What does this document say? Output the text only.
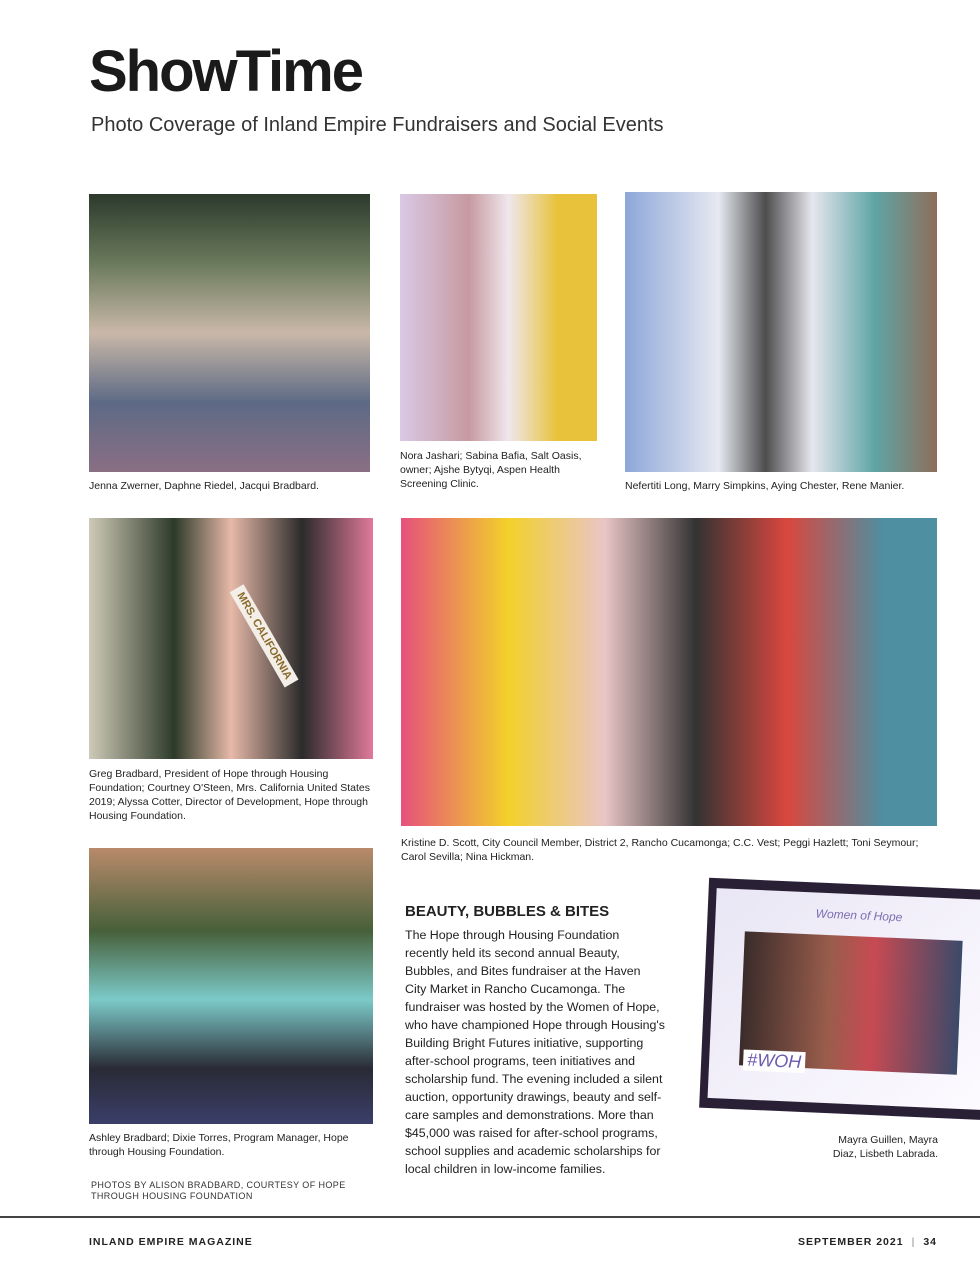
ShowTime
Photo Coverage of Inland Empire Fundraisers and Social Events
Jenna Zwerner, Daphne Riedel, Jacqui Bradbard.
Nora Jashari; Sabina Bafia, Salt Oasis, owner; Ajshe Bytyqi, Aspen Health Screening Clinic.	Nefertiti Long, Marry Simpkins, Aying Chester, Rene Manier.
MRS. CALIFORNIA
Greg Bradbard, President of Hope through Housing Foundation; Courtney O'Steen, Mrs. California United States 2019; Alyssa Cotter, Director of Development, Hope through Housing Foundation.
Kristine D. Scott, City Council Member, District 2, Rancho Cucamonga; C.C. Vest; Peggi Hazlett; Toni Seymour; Carol Sevilla; Nina Hickman.
Ashley Bradbard; Dixie Torres, Program Manager, Hope through Housing Foundation.
PHOTOS BY ALISON BRADBARD, COURTESY OF HOPE THROUGH HOUSING FOUNDATION
BEAUTY, BUBBLES & BITES
The Hope through Housing Foundation recently held its second annual Beauty, Bubbles, and Bites fundraiser at the Haven City Market in Rancho Cucamonga. The fundraiser was hosted by the Women of Hope, who have championed Hope through Housing's Building Bright Futures initiative, supporting after-school programs, teen initiatives and scholarship fund. The evening included a silent auction, opportunity drawings, beauty and self-care samples and demonstrations. More than $45,000 was raised for after-school programs, school supplies and academic scholarships for local children in low-income families.
Women of Hope
#WOH
Mayra Guillen, Mayra Diaz, Lisbeth Labrada.
INLAND EMPIRE MAGAZINE	SEPTEMBER 2021 | 34
